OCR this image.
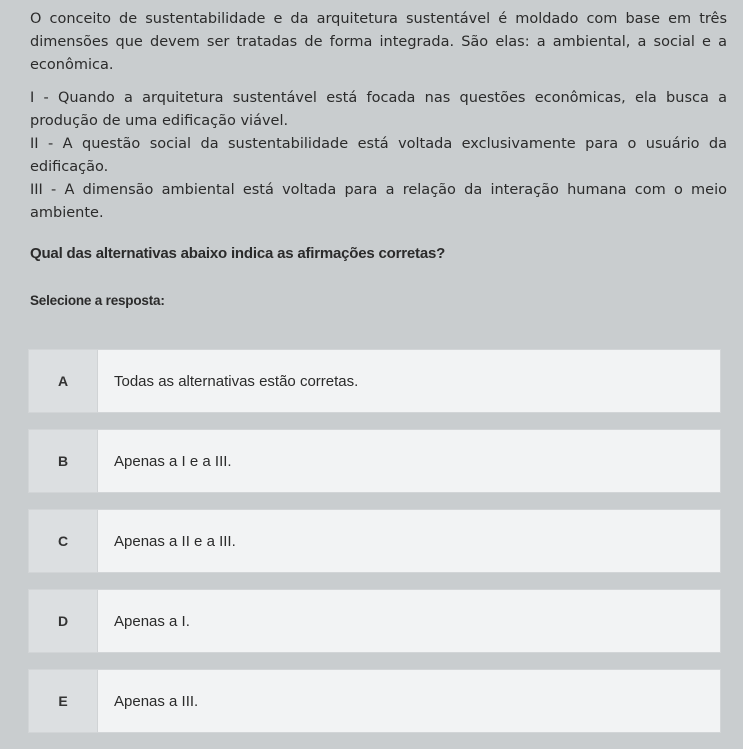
O conceito de sustentabilidade e da arquitetura sustentável é moldado com base em três dimensões que devem ser tratadas de forma integrada. São elas: a ambiental, a social e a econômica.

I - Quando a arquitetura sustentável está focada nas questões econômicas, ela busca a produção de uma edificação viável.

II - A questão social da sustentabilidade está voltada exclusivamente para o usuário da edificação.

III - A dimensão ambiental está voltada para a relação da interação humana com o meio ambiente.

Qual das alternativas abaixo indica as afirmações corretas?

Selecione a resposta:

A	Todas as alternativas estão corretas.
B	Apenas a I e a III.
C	Apenas a II e a III.
D	Apenas a I.
E	Apenas a III.
